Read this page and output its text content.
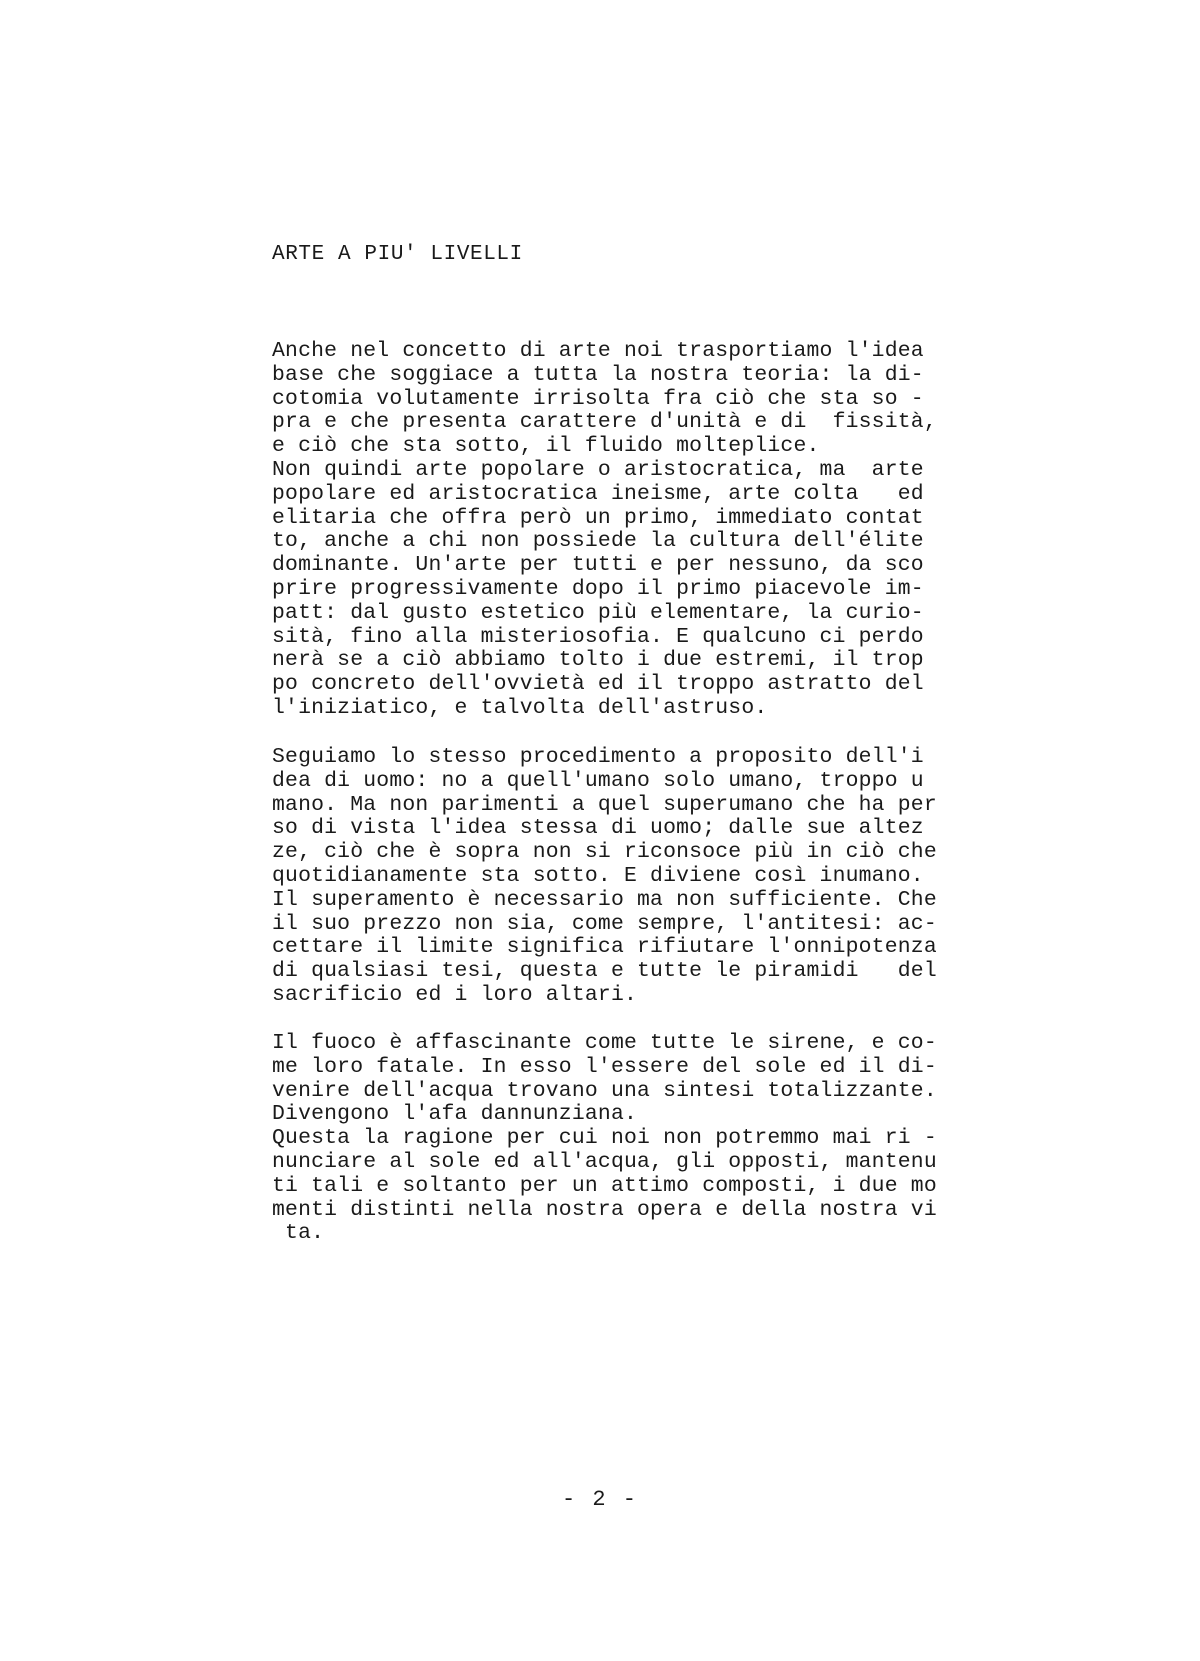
ARTE A PIU' LIVELLI
Anche nel concetto di arte noi trasportiamo l'idea
base che soggiace a tutta la nostra teoria: la di-
cotomia volutamente irrisolta fra ciò che sta so -
pra e che presenta carattere d'unità e di  fissità,
e ciò che sta sotto, il fluido molteplice.
Non quindi arte popolare o aristocratica, ma  arte
popolare ed aristocratica ineisme, arte colta   ed
elitaria che offra però un primo, immediato contat
to, anche a chi non possiede la cultura dell'élite
dominante. Un'arte per tutti e per nessuno, da sco
prire progressivamente dopo il primo piacevole im-
patt: dal gusto estetico più elementare, la curio-
sità, fino alla misteriosofia. E qualcuno ci perdo
nerà se a ciò abbiamo tolto i due estremi, il trop
po concreto dell'ovvietà ed il troppo astratto del
l'iniziatico, e talvolta dell'astruso.
Seguiamo lo stesso procedimento a proposito dell'i
dea di uomo: no a quell'umano solo umano, troppo u
mano. Ma non parimenti a quel superumano che ha per
so di vista l'idea stessa di uomo; dalle sue altez
ze, ciò che è sopra non si riconsoce più in ciò che
quotidianamente sta sotto. E diviene così inumano.
Il superamento è necessario ma non sufficiente. Che
il suo prezzo non sia, come sempre, l'antitesi: ac-
cettare il limite significa rifiutare l'onnipotenza
di qualsiasi tesi, questa e tutte le piramidi   del
sacrificio ed i loro altari.
Il fuoco è affascinante come tutte le sirene, e co-
me loro fatale. In esso l'essere del sole ed il di-
venire dell'acqua trovano una sintesi totalizzante.
Divengono l'afa dannunziana.
Questa la ragione per cui noi non potremmo mai ri -
nunciare al sole ed all'acqua, gli opposti, mantenu
ti tali e soltanto per un attimo composti, i due mo
menti distinti nella nostra opera e della nostra vi
ta.
- 2 -
